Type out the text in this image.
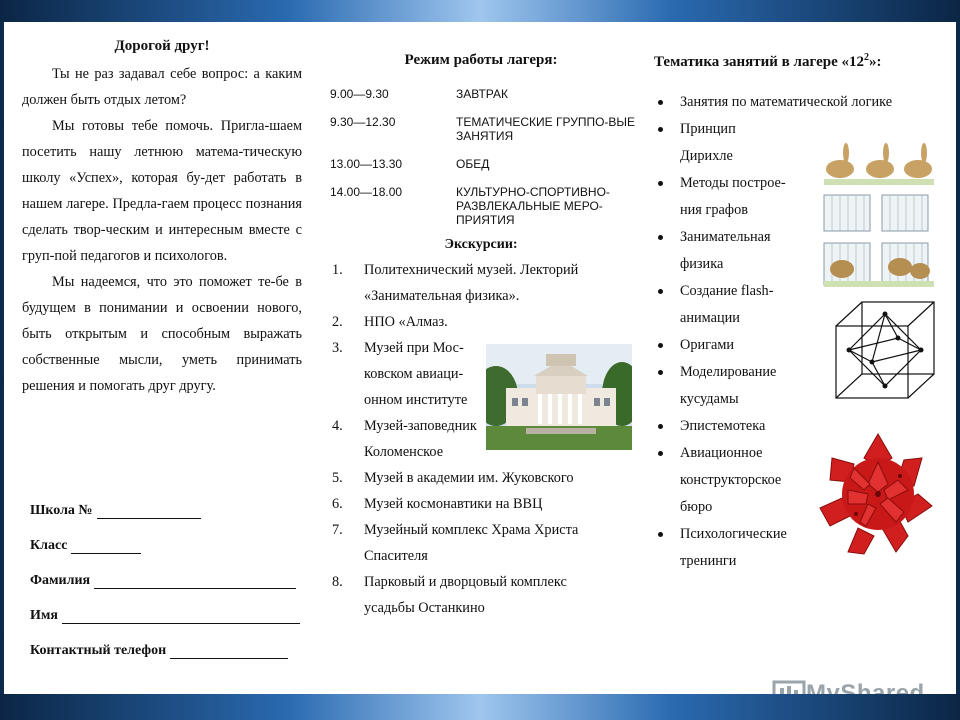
Дорогой друг!

Ты не раз задавал себе вопрос: а каким должен быть отдых летом?

Мы готовы тебе помочь. Пригла-шаем посетить нашу летнюю матема-тическую школу «Успех», которая бу-дет работать в нашем лагере. Предла-гаем процесс познания сделать твор-ческим и интересным вместе с груп-пой педагогов и психологов.

Мы надеемся, что это поможет те-бе в будущем в понимании и освоении нового, быть открытым и способным выражать собственные мысли, уметь принимать решения и помогать друг другу.

Школа №
Класс
Фамилия
Имя
Контактный телефон
Режим работы лагеря:
9.00—9.30	ЗАВТРАК
9.30—12.30	ТЕМАТИЧЕСКИЕ ГРУППО-ВЫЕ ЗАНЯТИЯ
13.00—13.30	ОБЕД
14.00—18.00	КУЛЬТУРНО-СПОРТИВНО-РАЗВЛЕКАЛЬНЫЕ МЕРО-ПРИЯТИЯ
Экскурсии:
1.	Политехнический музей. Лекторий «Занимательная физика».
2.	НПО «Алмаз.
3.	Музей при Мос-ковском авиаци-онном институте
4.	Музей-заповедник Коломенское
5.	Музей в академии им. Жуковского
6.	Музей космонавтики на ВВЦ
7.	Музейный комплекс Храма Христа Спасителя
8.	Парковый и дворцовый комплекс усадьбы Останкино
Тематика занятий в лагере «$12^2$»:
Занятия по математической логике
Принцип Дирихле
Методы построе-ния графов
Занимательная физика
Создание flash-анимации
Оригами
Моделирование кусудамы
Эпистемотека
Авиационное конструкторское бюро
Психологические тренинги
